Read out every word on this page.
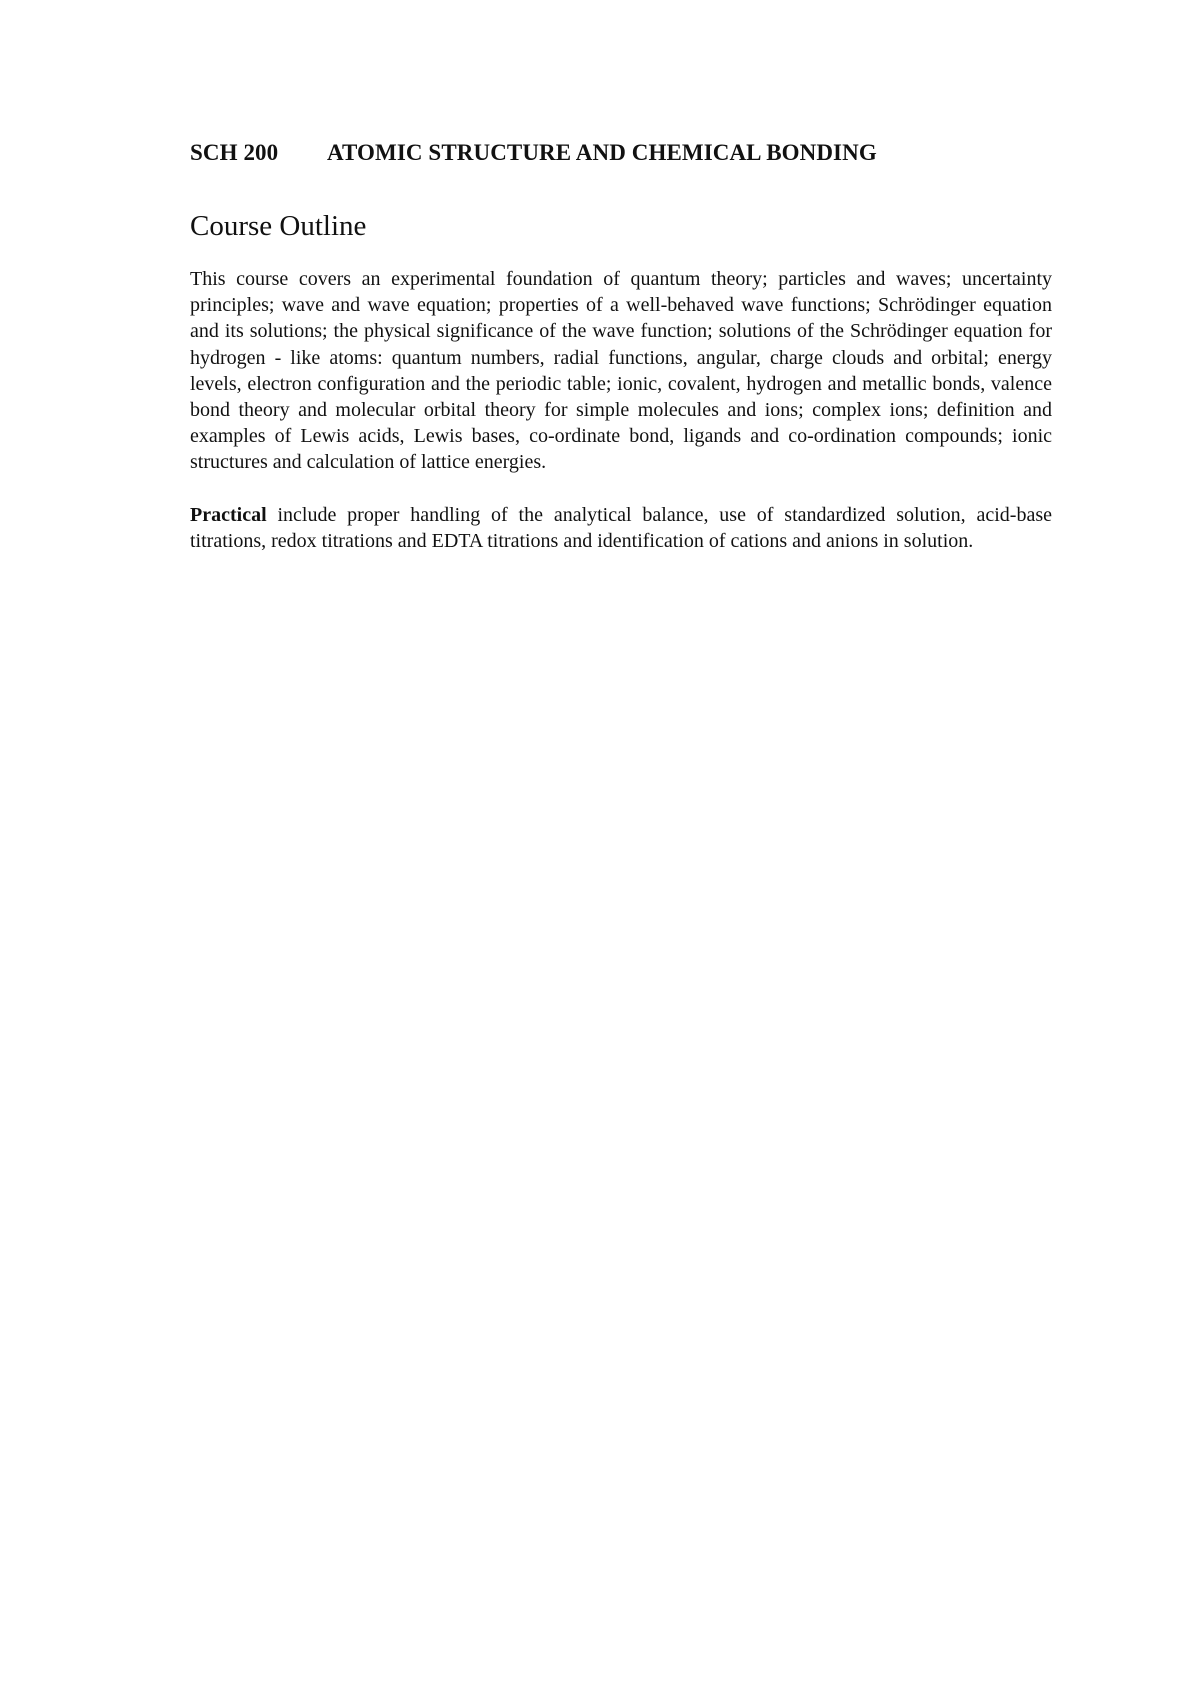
SCH 200 ATOMIC STRUCTURE AND CHEMICAL BONDING

Course Outline

This course covers an experimental foundation of quantum theory; particles and waves; uncertainty principles; wave and wave equation; properties of a well-behaved wave functions; Schrödinger equation and its solutions; the physical significance of the wave function; solutions of the Schrödinger equation for hydrogen - like atoms: quantum numbers, radial functions, angular, charge clouds and orbital; energy levels, electron configuration and the periodic table; ionic, covalent, hydrogen and metallic bonds, valence bond theory and molecular orbital theory for simple molecules and ions; complex ions; definition and examples of Lewis acids, Lewis bases, co-ordinate bond, ligands and co-ordination compounds; ionic structures and calculation of lattice energies.

Practical include proper handling of the analytical balance, use of standardized solution, acid-base titrations, redox titrations and EDTA titrations and identification of cations and anions in solution.
